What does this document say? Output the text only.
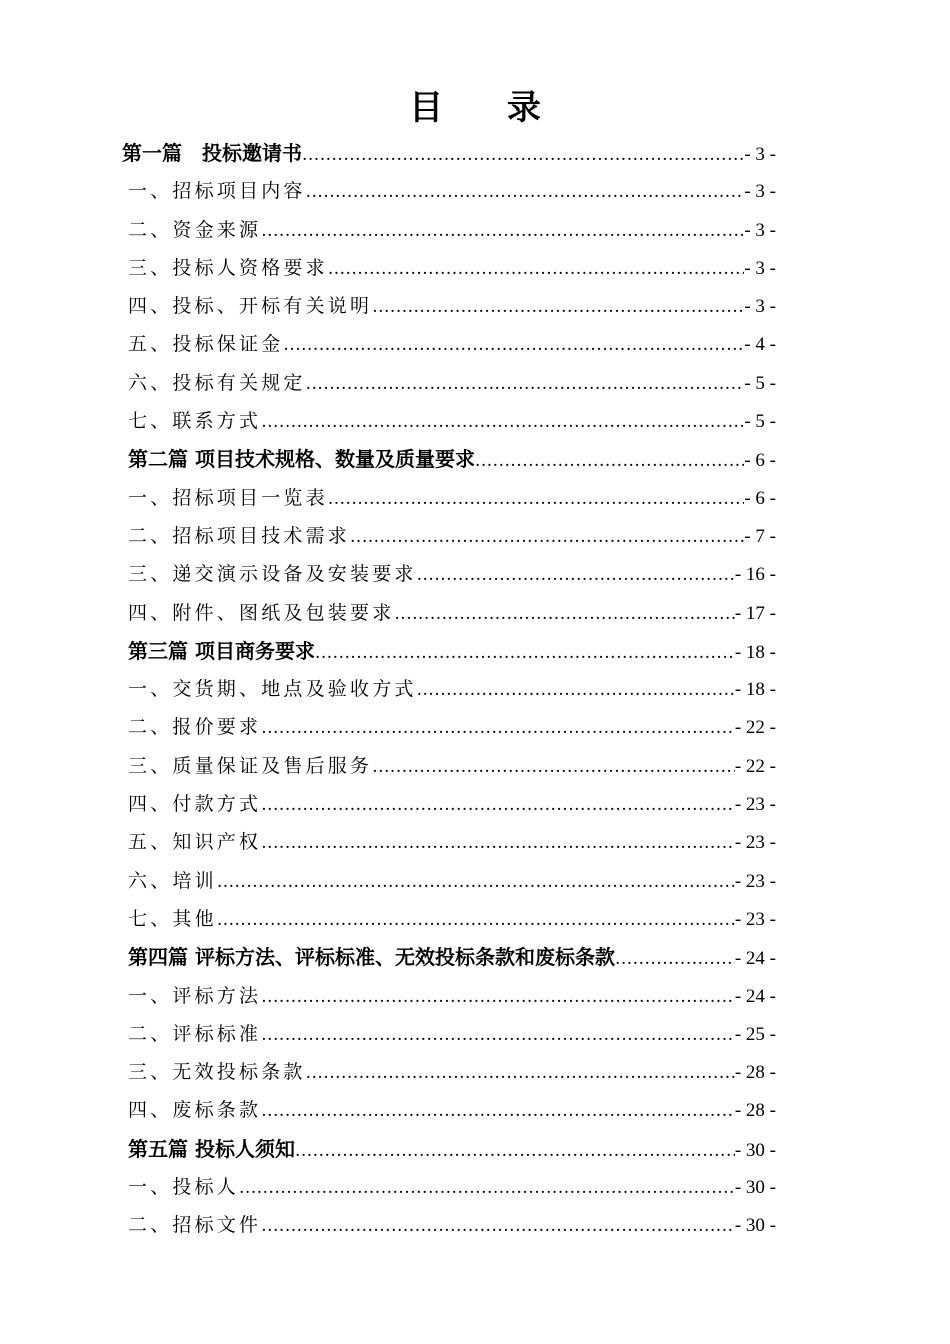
目 录
第一篇　投标邀请书 .....	- 3 -
一、招标项目内容 .....	- 3 -
二、资金来源 .....	- 3 -
三、投标人资格要求 .....	- 3 -
四、投标、开标有关说明 .....	- 3 -
五、投标保证金 .....	- 4 -
六、投标有关规定 .....	- 5 -
七、联系方式 .....	- 5 -
第二篇 项目技术规格、数量及质量要求 .....	- 6 -
一、招标项目一览表 .....	- 6 -
二、招标项目技术需求 .....	- 7 -
三、递交演示设备及安装要求 .....	- 16 -
四、附件、图纸及包装要求 .....	- 17 -
第三篇 项目商务要求 .....	- 18 -
一、交货期、地点及验收方式 .....	- 18 -
二、报价要求 .....	- 22 -
三、质量保证及售后服务 .....	- 22 -
四、付款方式 .....	- 23 -
五、知识产权 .....	- 23 -
六、培训 .....	- 23 -
七、其他 .....	- 23 -
第四篇 评标方法、评标标准、无效投标条款和废标条款 .....	- 24 -
一、评标方法 .....	- 24 -
二、评标标准 .....	- 25 -
三、无效投标条款 .....	- 28 -
四、废标条款 .....	- 28 -
第五篇 投标人须知 .....	- 30 -
一、投标人 .....	- 30 -
二、招标文件 .....	- 30 -
